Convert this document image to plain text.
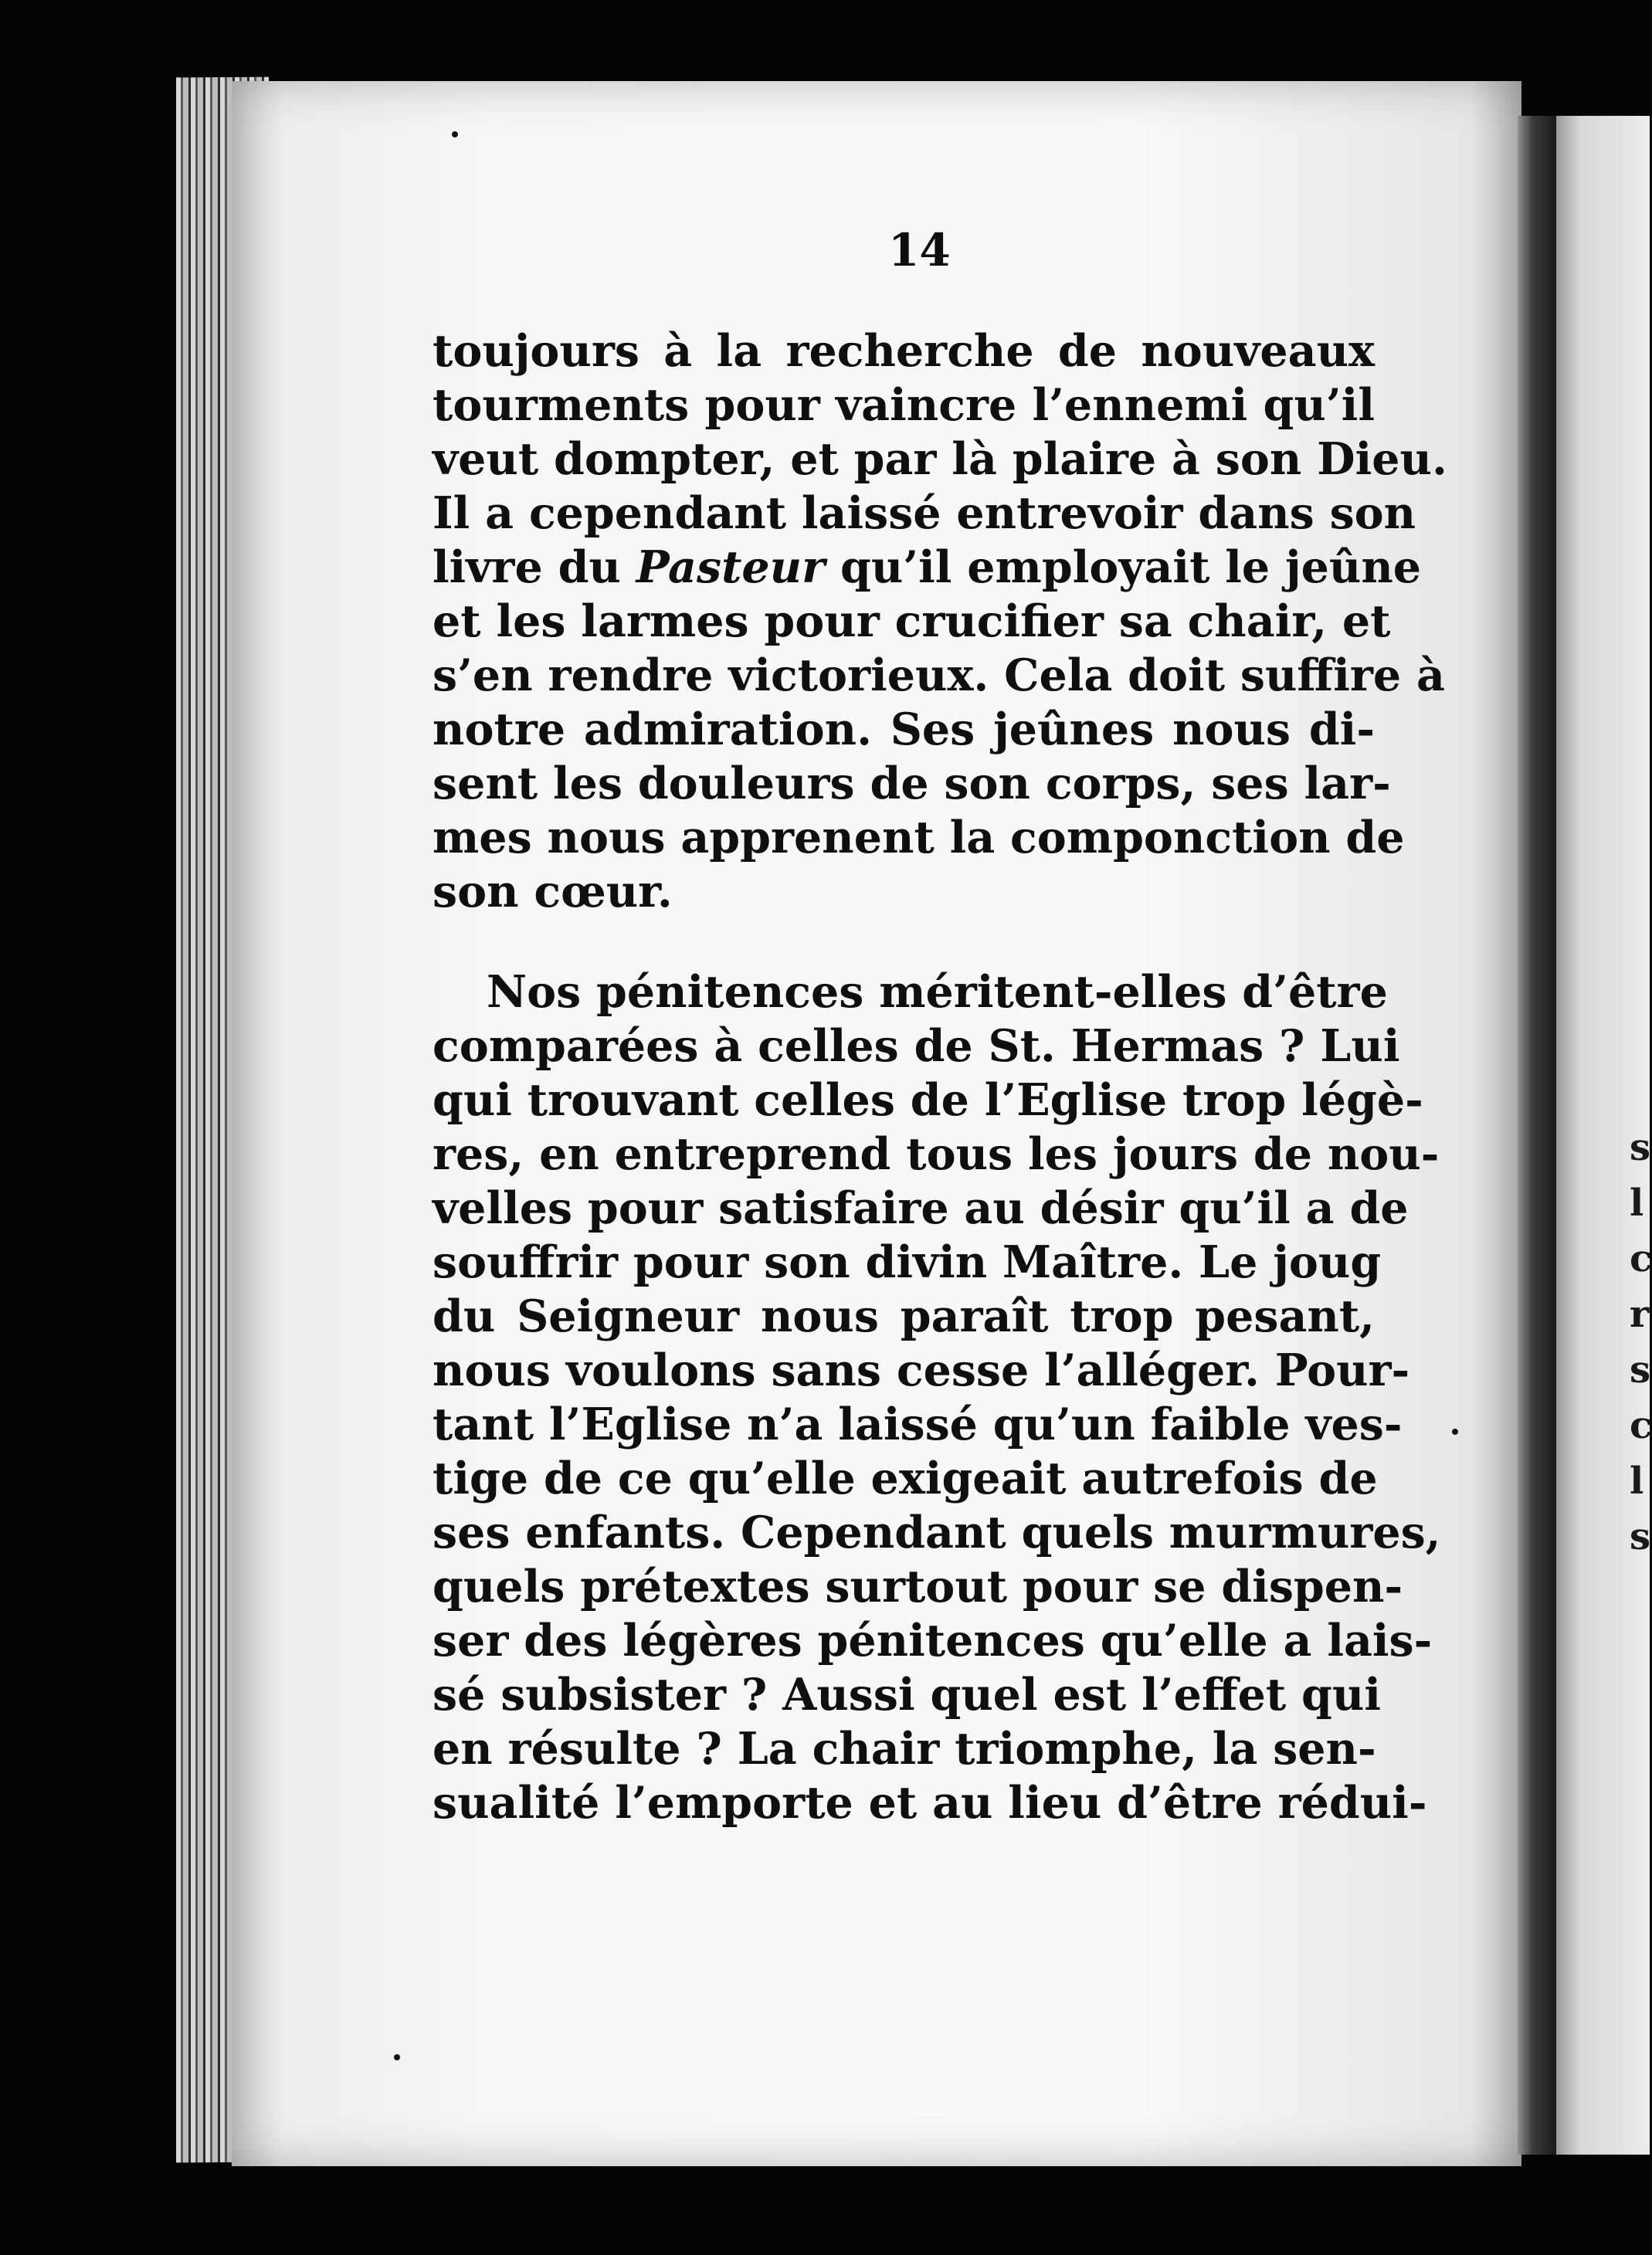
s
l
c
r
s
c
l
s
14
toujours à la recherche de nouveaux
tourments pour vaincre l’ennemi qu’il
veut dompter, et par là plaire à son Dieu.
Il a cependant laissé entrevoir dans son
livre du Pasteur qu’il employait le jeûne
et les larmes pour crucifier sa chair, et
s’en rendre victorieux. Cela doit suffire à
notre admiration. Ses jeûnes nous di-
sent les douleurs de son corps, ses lar-
mes nous apprenent la componction de
son cœur.
Nos pénitences méritent-elles d’être
comparées à celles de St. Hermas ? Lui
qui trouvant celles de l’Eglise trop légè-
res, en entreprend tous les jours de nou-
velles pour satisfaire au désir qu’il a de
souffrir pour son divin Maître. Le joug
du Seigneur nous paraît trop pesant,
nous voulons sans cesse l’alléger. Pour-
tant l’Eglise n’a laissé qu’un faible ves-
tige de ce qu’elle exigeait autrefois de
ses enfants. Cependant quels murmures,
quels prétextes surtout pour se dispen-
ser des légères pénitences qu’elle a lais-
sé subsister ? Aussi quel est l’effet qui
en résulte ? La chair triomphe, la sen-
sualité l’emporte et au lieu d’être rédui-
